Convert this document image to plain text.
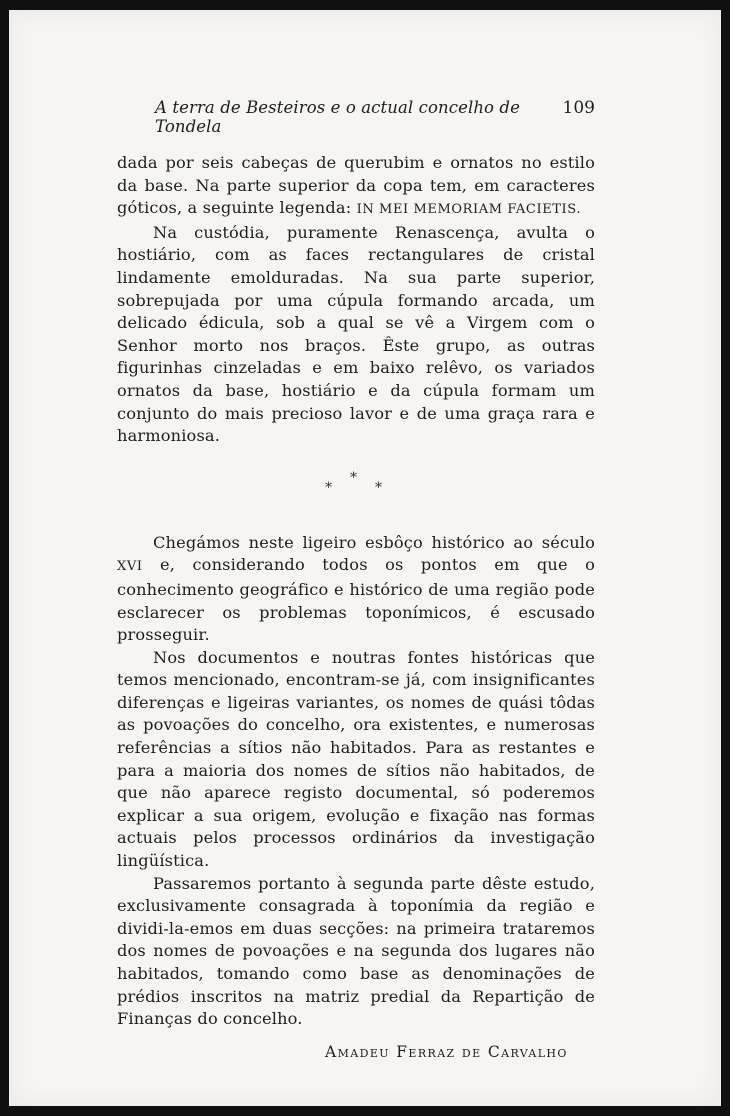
A terra de Besteiros e o actual concelho de Tondela
109

dada por seis cabeças de querubim e ornatos no estilo da base. Na parte superior da copa tem, em caracteres góticos, a seguinte legenda: IN MEI MEMORIAM FACIETIS.

Na custódia, puramente Renascença, avulta o hostiário, com as faces rectangulares de cristal lindamente emolduradas. Na sua parte superior, sobrepujada por uma cúpula formando arcada, um delicado édicula, sob a qual se vê a Virgem com o Senhor morto nos braços. Êste grupo, as outras figurinhas cinzeladas e em baixo relêvo, os variados ornatos da base, hostiário e da cúpula formam um conjunto do mais precioso lavor e de uma graça rara e harmoniosa.

*
*	*

Chegámos neste ligeiro esbôço histórico ao século XVI e, considerando todos os pontos em que o conhecimento geográfico e histórico de uma região pode esclarecer os problemas toponímicos, é escusado prosseguir.

Nos documentos e noutras fontes históricas que temos mencionado, encontram-se já, com insignificantes diferenças e ligeiras variantes, os nomes de quási tôdas as povoações do concelho, ora existentes, e numerosas referências a sítios não habitados. Para as restantes e para a maioria dos nomes de sítios não habitados, de que não aparece registo documental, só poderemos explicar a sua origem, evolução e fixação nas formas actuais pelos processos ordinários da investigação lingüística.

Passaremos portanto à segunda parte dêste estudo, exclusivamente consagrada à toponímia da região e dividi-la-emos em duas secções: na primeira trataremos dos nomes de povoações e na segunda dos lugares não habitados, tomando como base as denominações de prédios inscritos na matriz predial da Repartição de Finanças do concelho.

Amadeu Ferraz de Carvalho
